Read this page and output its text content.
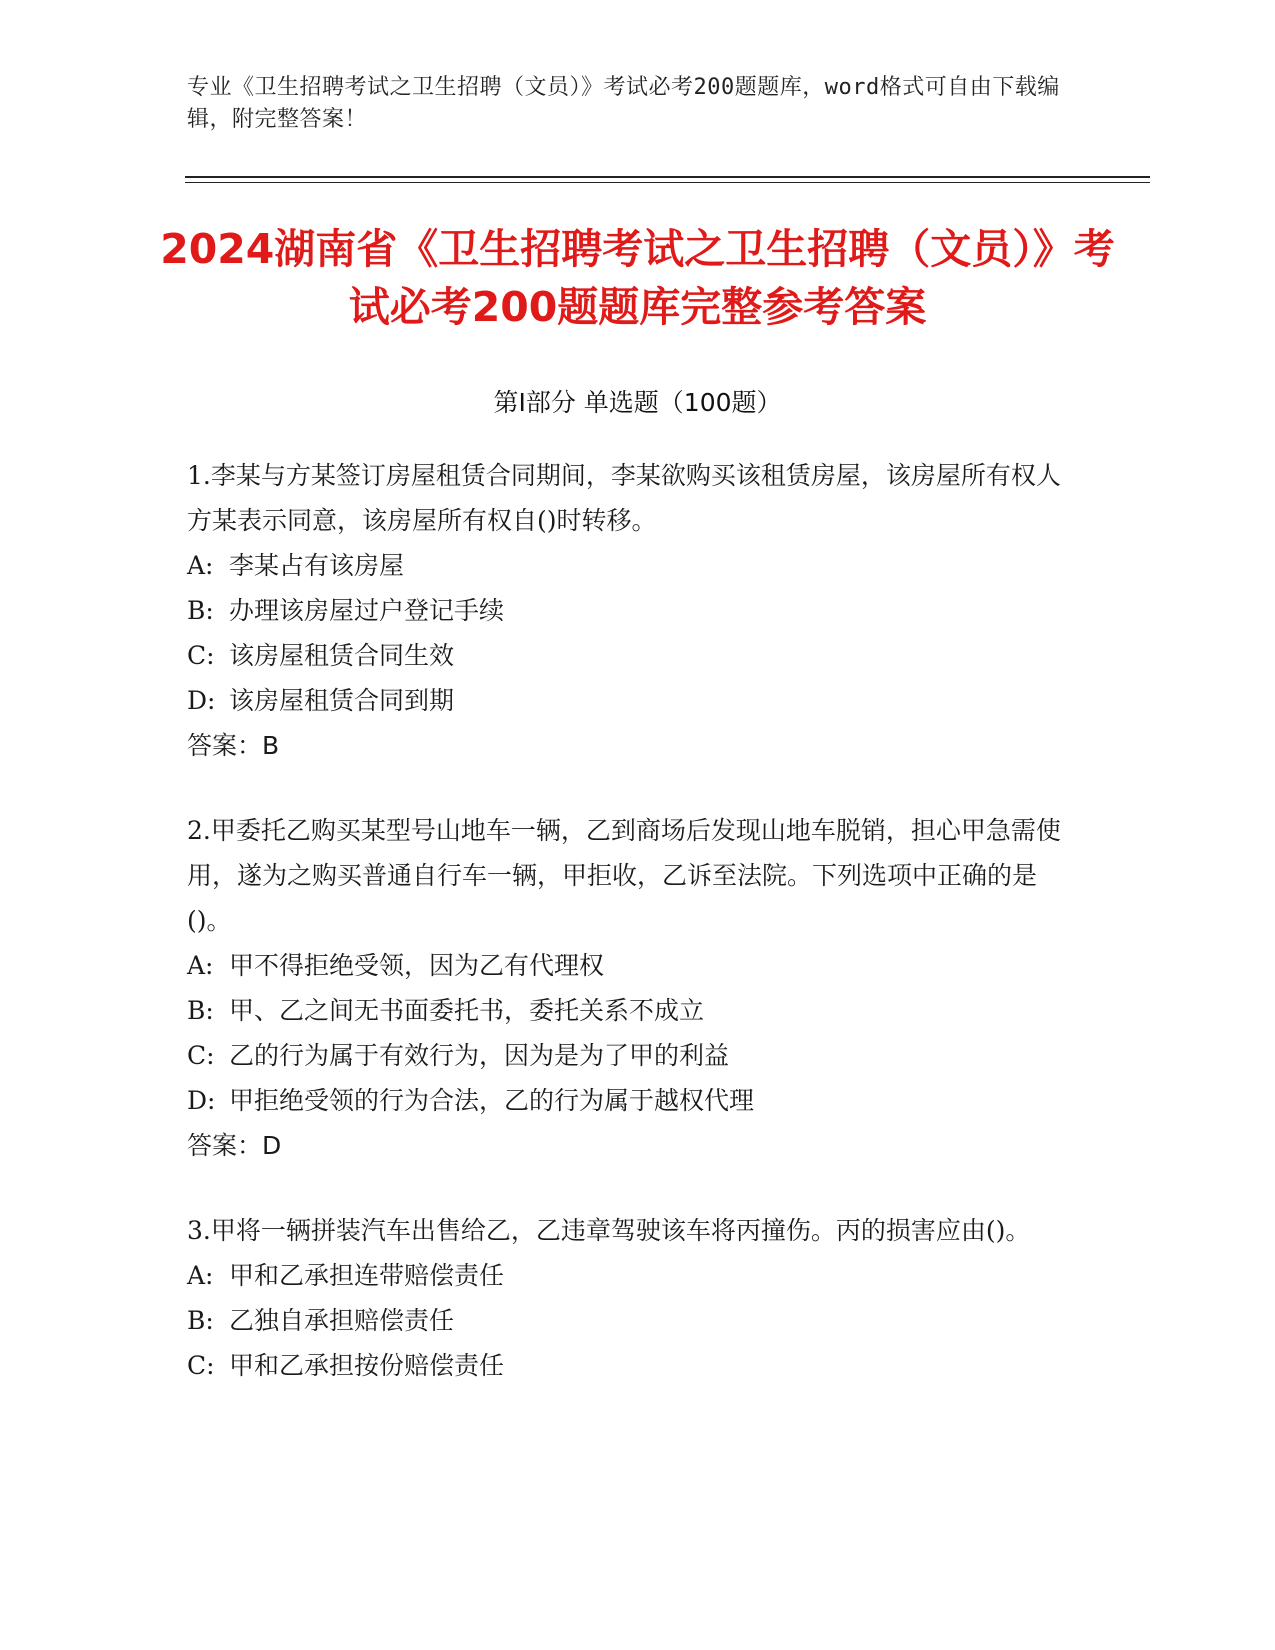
专业《卫生招聘考试之卫生招聘（文员）》考试必考200题题库，word格式可自由下载编辑，附完整答案！
2024湖南省《卫生招聘考试之卫生招聘（文员）》考试必考200题题库完整参考答案
第Ⅰ部分 单选题（100题）

1.李某与方某签订房屋租赁合同期间，李某欲购买该租赁房屋，该房屋所有权人方某表示同意，该房屋所有权自()时转移。

A: 李某占有该房屋

B: 办理该房屋过户登记手续

C: 该房屋租赁合同生效

D: 该房屋租赁合同到期

答案：B

2.甲委托乙购买某型号山地车一辆，乙到商场后发现山地车脱销，担心甲急需使用，遂为之购买普通自行车一辆，甲拒收，乙诉至法院。下列选项中正确的是()。

A: 甲不得拒绝受领，因为乙有代理权

B: 甲、乙之间无书面委托书，委托关系不成立

C: 乙的行为属于有效行为，因为是为了甲的利益

D: 甲拒绝受领的行为合法，乙的行为属于越权代理

答案：D

3.甲将一辆拼装汽车出售给乙，乙违章驾驶该车将丙撞伤。丙的损害应由()。

A: 甲和乙承担连带赔偿责任

B: 乙独自承担赔偿责任

C: 甲和乙承担按份赔偿责任
